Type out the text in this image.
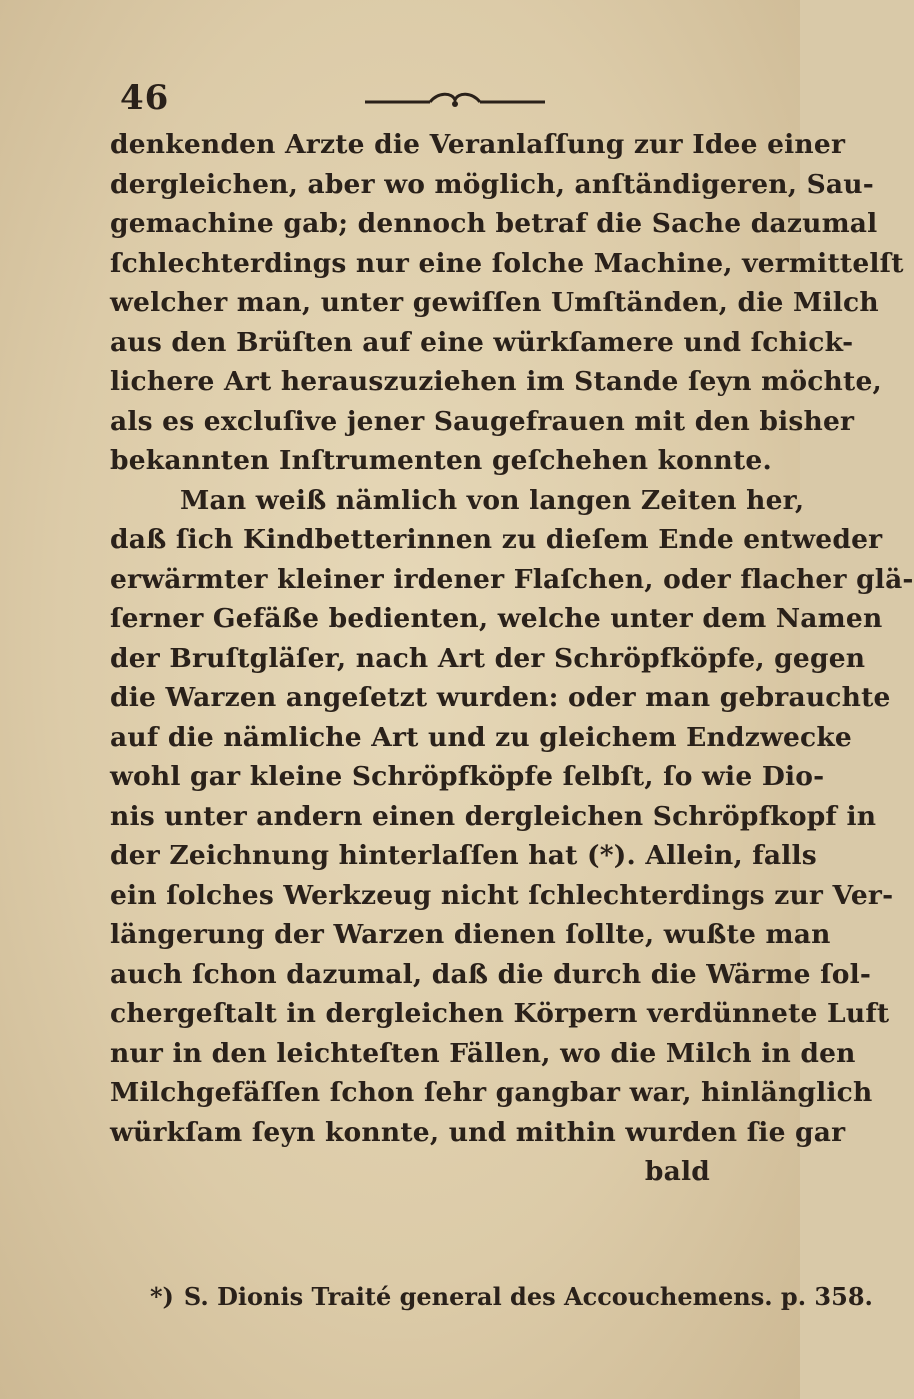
46
denkenden Arzte die Veranlaſſung zur Idee einer
dergleichen, aber wo möglich, anſtändigeren, Sau-
gemachine gab; dennoch betraf die Sache dazumal
ſchlechterdings nur eine ſolche Machine, vermittelſt
welcher man, unter gewiſſen Umſtänden, die Milch
aus den Brüſten auf eine würkſamere und ſchick-
lichere Art herauszuziehen im Stande ſeyn möchte,
als es excluſive jener Saugefrauen mit den bisher
bekannten Inſtrumenten geſchehen konnte.
Man weiß nämlich von langen Zeiten her,
daß ſich Kindbetterinnen zu dieſem Ende entweder
erwärmter kleiner irdener Flaſchen, oder flacher glä-
ſerner Gefäße bedienten, welche unter dem Namen
der Bruſtgläſer, nach Art der Schröpfköpfe, gegen
die Warzen angeſetzt wurden: oder man gebrauchte
auf die nämliche Art und zu gleichem Endzwecke
wohl gar kleine Schröpfköpfe ſelbſt, ſo wie Dio-
nis unter andern einen dergleichen Schröpfkopf in
der Zeichnung hinterlaſſen hat (*). Allein, falls
ein ſolches Werkzeug nicht ſchlechterdings zur Ver-
längerung der Warzen dienen ſollte, wußte man
auch ſchon dazumal, daß die durch die Wärme ſol-
chergeſtalt in dergleichen Körpern verdünnete Luft
nur in den leichteſten Fällen, wo die Milch in den
Milchgefäſſen ſchon ſehr gangbar war, hinlänglich
würkſam ſeyn konnte, und mithin wurden ſie gar
bald
*) S. Dionis Traité general des Accouchemens. p. 358.
